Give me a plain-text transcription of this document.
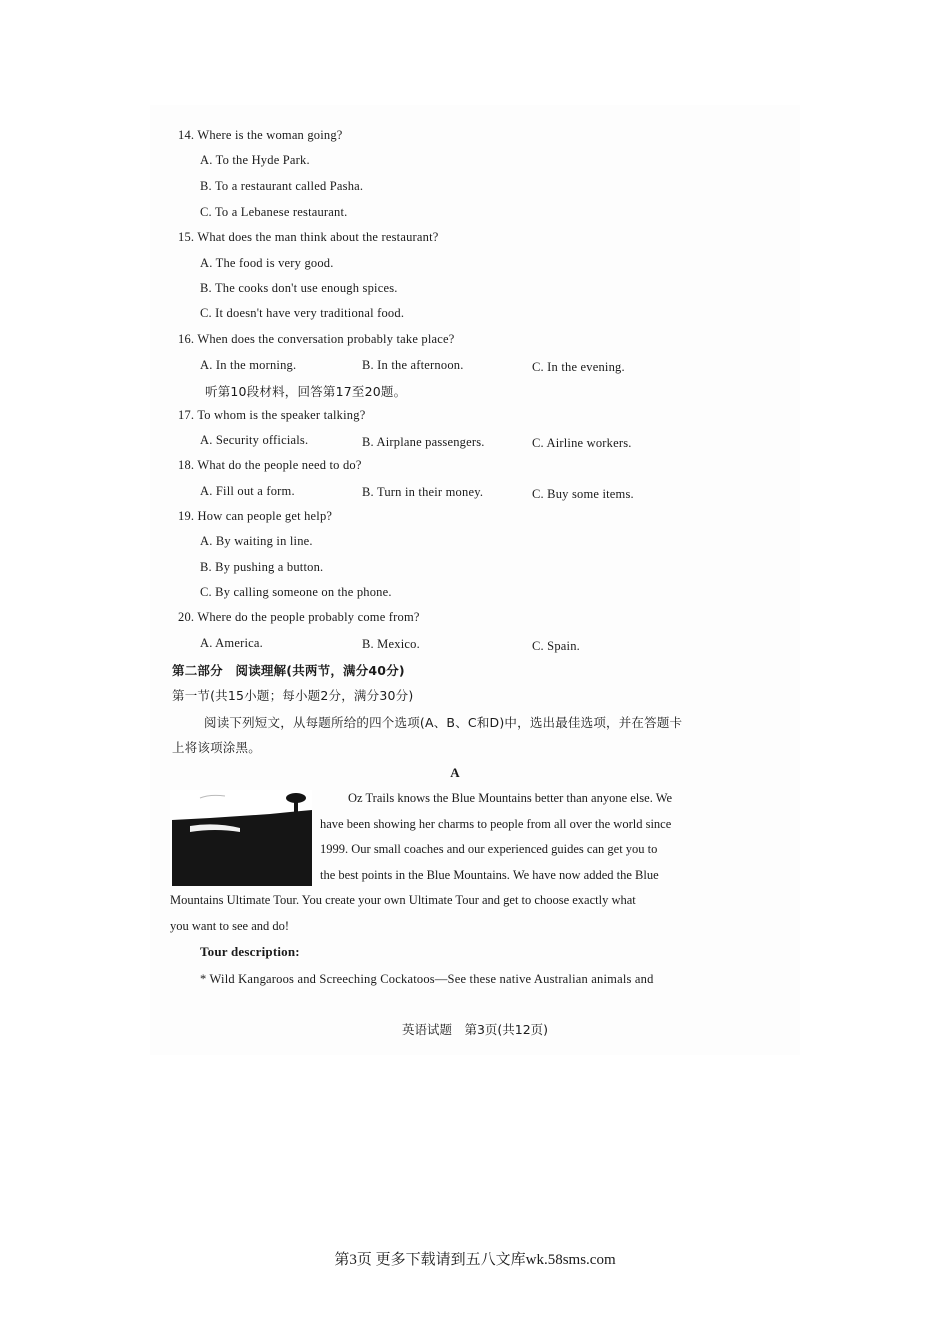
14. Where is the woman going?
A. To the Hyde Park.
B. To a restaurant called Pasha.
C. To a Lebanese restaurant.
15. What does the man think about the restaurant?
A. The food is very good.
B. The cooks don't use enough spices.
C. It doesn't have very traditional food.
16. When does the conversation probably take place?
A. In the morning.	B. In the afternoon.	C. In the evening.
听第10段材料，回答第17至20题。
17. To whom is the speaker talking?
A. Security officials.	B. Airplane passengers.	C. Airline workers.
18. What do the people need to do?
A. Fill out a form.	B. Turn in their money.	C. Buy some items.
19. How can people get help?
A. By waiting in line.
B. By pushing a button.
C. By calling someone on the phone.
20. Where do the people probably come from?
A. America.	B. Mexico.	C. Spain.
第二部分　阅读理解(共两节，满分40分)
第一节(共15小题；每小题2分，满分30分)
阅读下列短文，从每题所给的四个选项(A、B、C和D)中，选出最佳选项，并在答题卡
上将该项涂黑。
A
Oz Trails knows the Blue Mountains better than anyone else. We
have been showing her charms to people from all over the world since
1999. Our small coaches and our experienced guides can get you to
the best points in the Blue Mountains. We have now added the Blue
Mountains Ultimate Tour. You create your own Ultimate Tour and get to choose exactly what
you want to see and do!
Tour description:
* Wild Kangaroos and Screeching Cockatoos—See these native Australian animals and
英语试题　第3页(共12页)
第3页 更多下载请到五八文库wk.58sms.com
